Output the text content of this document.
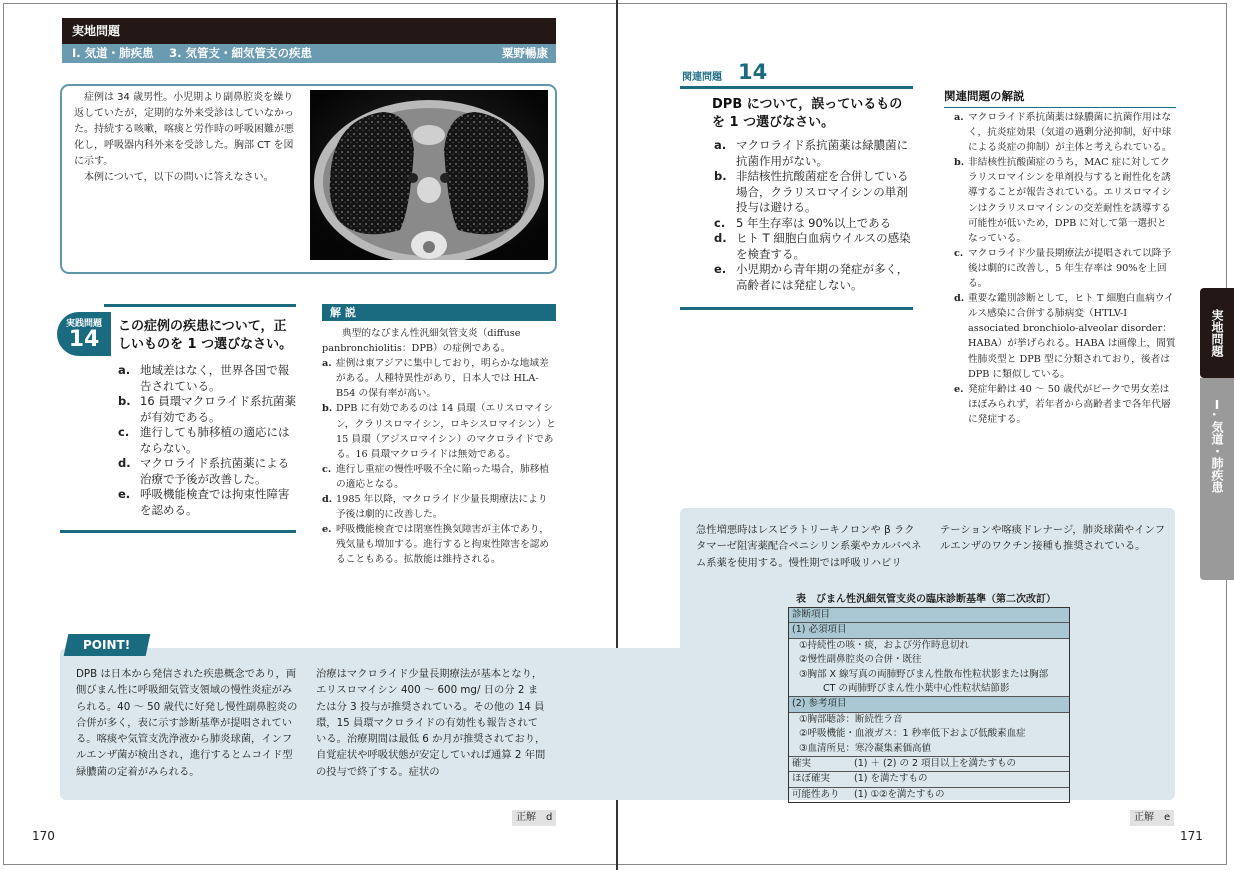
実地問題
Ⅰ. 気道・肺疾患　 3. 気管支・細気管支の疾患	粟野暢康

症例は 34 歳男性。小児期より副鼻腔炎を繰り返していたが，定期的な外来受診はしていなかった。持続する咳嗽，喀痰と労作時の呼吸困難が悪化し，呼吸器内科外来を受診した。胸部 CT を図に示す。

本例について，以下の問いに答えなさい。

実践問題
14
この症例の疾患について，正しいものを 1 つ選びなさい。
a. 地域差はなく，世界各国で報告されている。
b. 16 員環マクロライド系抗菌薬が有効である。
c. 進行しても肺移植の適応にはならない。
d. マクロライド系抗菌薬による治療で予後が改善した。
e. 呼吸機能検査では拘束性障害を認める。
解 説

典型的なびまん性汎細気管支炎（diffuse panbronchiolitis：DPB）の症例である。

a. 症例は東アジアに集中しており，明らかな地域差がある。人種特異性があり，日本人では HLA-B54 の保有率が高い。
b. DPB に有効であるのは 14 員環（エリスロマイシン，クラリスロマイシン，ロキシスロマイシン）と 15 員環（アジスロマイシン）のマクロライドである。16 員環マクロライドは無効である。
c. 進行し重症の慢性呼吸不全に陥った場合，肺移植の適応となる。
d. 1985 年以降，マクロライド少量長期療法により予後は劇的に改善した。
e. 呼吸機能検査では閉塞性換気障害が主体であり，残気量も増加する。進行すると拘束性障害を認めることもある。拡散能は維持される。
POINT!
DPB は日本から発信された疾患概念であり，両側びまん性に呼吸細気管支領域の慢性炎症がみられる。40 ～ 50 歳代に好発し慢性副鼻腔炎の合併が多く，表に示す診断基準が提唱されている。喀痰や気管支洗浄液から肺炎球菌，インフルエンザ菌が検出され，進行するとムコイド型緑膿菌の定着がみられる。
治療はマクロライド少量長期療法が基本となり，エリスロマイシン 400 ～ 600 mg/ 日の分 2 または分 3 投与が推奨されている。その他の 14 員環，15 員環マクロライドの有効性も報告されている。治療期間は最低 6 か月が推奨されており，自覚症状や呼吸状態が安定していれば通算 2 年間の投与で終了する。症状の
急性増悪時はレスピラトリーキノロンや β ラクタマーゼ阻害薬配合ペニシリン系薬やカルバペネム系薬を使用する。慢性期では呼吸リハビリ
テーションや喀痰ドレナージ，肺炎球菌やインフルエンザのワクチン接種も推奨されている。
正解　d
170
関連問題 14
DPB について，誤っているものを 1 つ選びなさい。
a. マクロライド系抗菌薬は緑膿菌に抗菌作用がない。
b. 非結核性抗酸菌症を合併している場合，クラリスロマイシンの単剤投与は避ける。
c. 5 年生存率は 90%以上である
d. ヒト T 細胞白血病ウイルスの感染を検査する。
e. 小児期から青年期の発症が多く，高齢者には発症しない。
関連問題の解説
a. マクロライド系抗菌薬は緑膿菌に抗菌作用はなく，抗炎症効果（気道の過剰分泌抑制，好中球による炎症の抑制）が主体と考えられている。
b. 非結核性抗酸菌症のうち，MAC 症に対してクラリスロマイシンを単剤投与すると耐性化を誘導することが報告されている。エリスロマイシンはクラリスロマイシンの交差耐性を誘導する可能性が低いため，DPB に対して第一選択となっている。
c. マクロライド少量長期療法が提唱されて以降予後は劇的に改善し，5 年生存率は 90%を上回る。
d. 重要な鑑別診断として，ヒト T 細胞白血病ウイルス感染に合併する肺病変（HTLV-I associated bronchiolo-alveolar disorder：HABA）が挙げられる。HABA は画像上，間質性肺炎型と DPB 型に分類されており，後者は DPB に類似している。
e. 発症年齢は 40 ～ 50 歳代がピークで男女差はほぼみられず，若年者から高齢者まで各年代層に発症する。
実地問題
Ⅰ. 気道・肺疾患
表　びまん性汎細気管支炎の臨床診断基準（第二次改訂）
診断項目
(1) 必須項目
①持続性の咳・痰，および労作時息切れ
②慢性副鼻腔炎の合併・既往
③胸部 X 線写真の両肺野びまん性散布性粒状影または胸部
CT の両肺野びまん性小葉中心性粒状結節影
(2) 参考項目
①胸部聴診：断続性ラ音
②呼吸機能・血液ガス：1 秒率低下および低酸素血症
③血清所見：寒冷凝集素価高値
確実	(1) ＋ (2) の 2 項目以上を満たすもの
ほぼ確実	(1) を満たすもの
可能性あり	(1) ①②を満たすもの
正解　e
171
